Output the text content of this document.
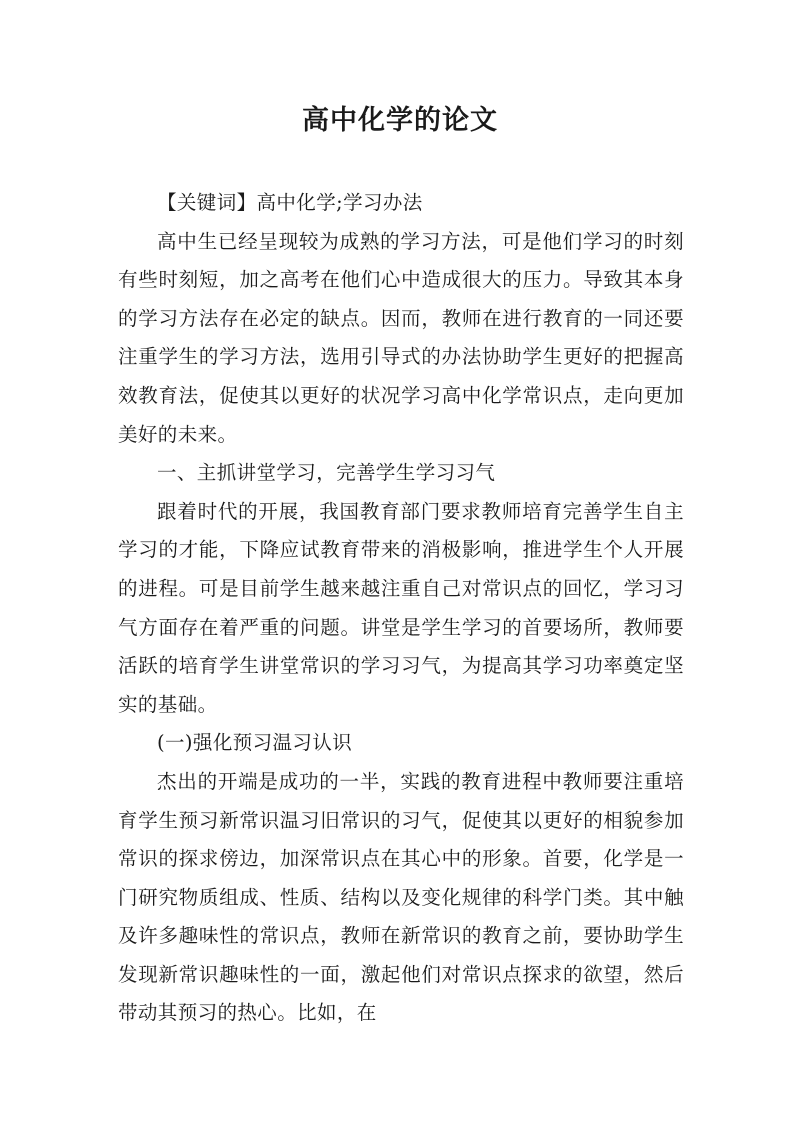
高中化学的论文

【关键词】高中化学;学习办法

高中生已经呈现较为成熟的学习方法，可是他们学习的时刻有些时刻短，加之高考在他们心中造成很大的压力。导致其本身的学习方法存在必定的缺点。因而，教师在进行教育的一同还要注重学生的学习方法，选用引导式的办法协助学生更好的把握高效教育法，促使其以更好的状况学习高中化学常识点，走向更加美好的未来。

一、主抓讲堂学习，完善学生学习习气

跟着时代的开展，我国教育部门要求教师培育完善学生自主学习的才能，下降应试教育带来的消极影响，推进学生个人开展的进程。可是目前学生越来越注重自己对常识点的回忆，学习习气方面存在着严重的问题。讲堂是学生学习的首要场所，教师要活跃的培育学生讲堂常识的学习习气，为提高其学习功率奠定坚实的基础。

(一)强化预习温习认识

杰出的开端是成功的一半，实践的教育进程中教师要注重培育学生预习新常识温习旧常识的习气，促使其以更好的相貌参加常识的探求傍边，加深常识点在其心中的形象。首要，化学是一门研究物质组成、性质、结构以及变化规律的科学门类。其中触及许多趣味性的常识点，教师在新常识的教育之前，要协助学生发现新常识趣味性的一面，激起他们对常识点探求的欲望，然后带动其预习的热心。比如，在
